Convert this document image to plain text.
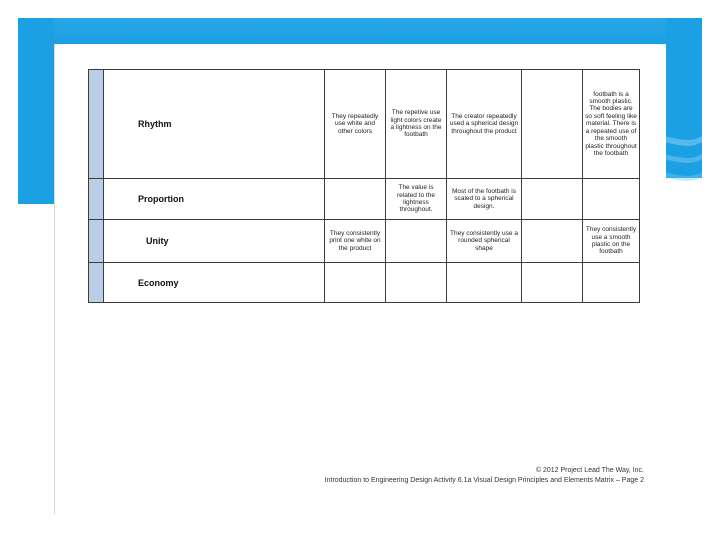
	Rhythm	They repeatedly use white and other colors	The repetive use light colors create a lightness on the footbath	The creator repeatedly used a spherical design throughout the product		footbath is a smooth plastic. The bodies are so soft feeling like material. There is a repeated use of the smooth plastic throughout the footbath

	Proportion		The value is related to the lightness throughout.	Most of the footbath is scaled to a spherical design.		

	Unity	They consistently print one white on the product		They consistently use a rounded spherical shape		They consistently use a smooth plastic on the footbath

	Economy	

© 2012 Project Lead The Way, Inc.
Introduction to Engineering Design Activity 6.1a Visual Design Principles and Elements Matrix – Page 2
